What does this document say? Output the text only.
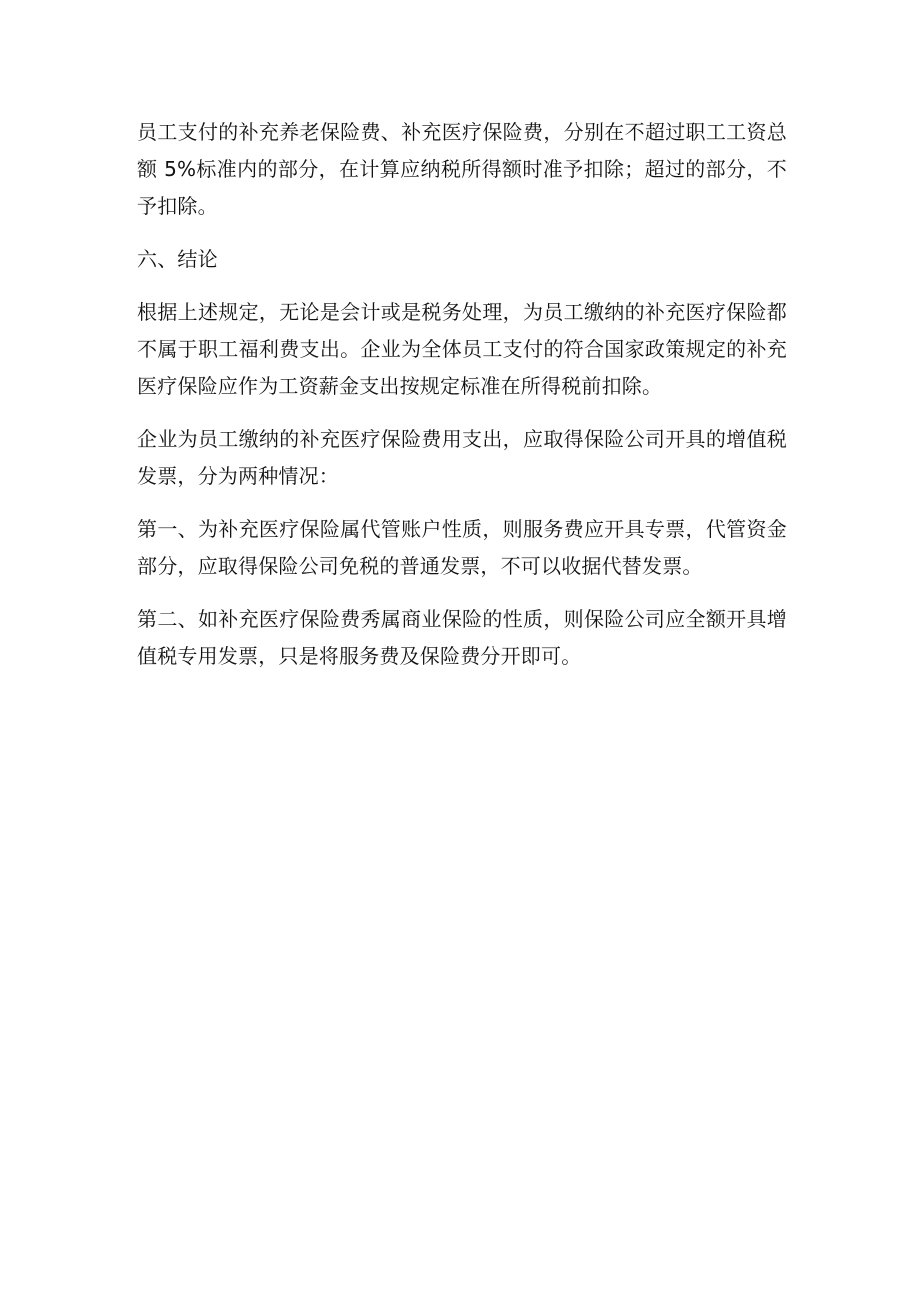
员工支付的补充养老保险费、补充医疗保险费，分别在不超过职工工资总额 5%标准内的部分，在计算应纳税所得额时准予扣除；超过的部分，不予扣除。

六、结论

根据上述规定，无论是会计或是税务处理，为员工缴纳的补充医疗保险都不属于职工福利费支出。企业为全体员工支付的符合国家政策规定的补充医疗保险应作为工资薪金支出按规定标准在所得税前扣除。

企业为员工缴纳的补充医疗保险费用支出，应取得保险公司开具的增值税发票，分为两种情况：

第一、为补充医疗保险属代管账户性质，则服务费应开具专票，代管资金部分，应取得保险公司免税的普通发票，不可以收据代替发票。

第二、如补充医疗保险费秀属商业保险的性质，则保险公司应全额开具增值税专用发票，只是将服务费及保险费分开即可。
